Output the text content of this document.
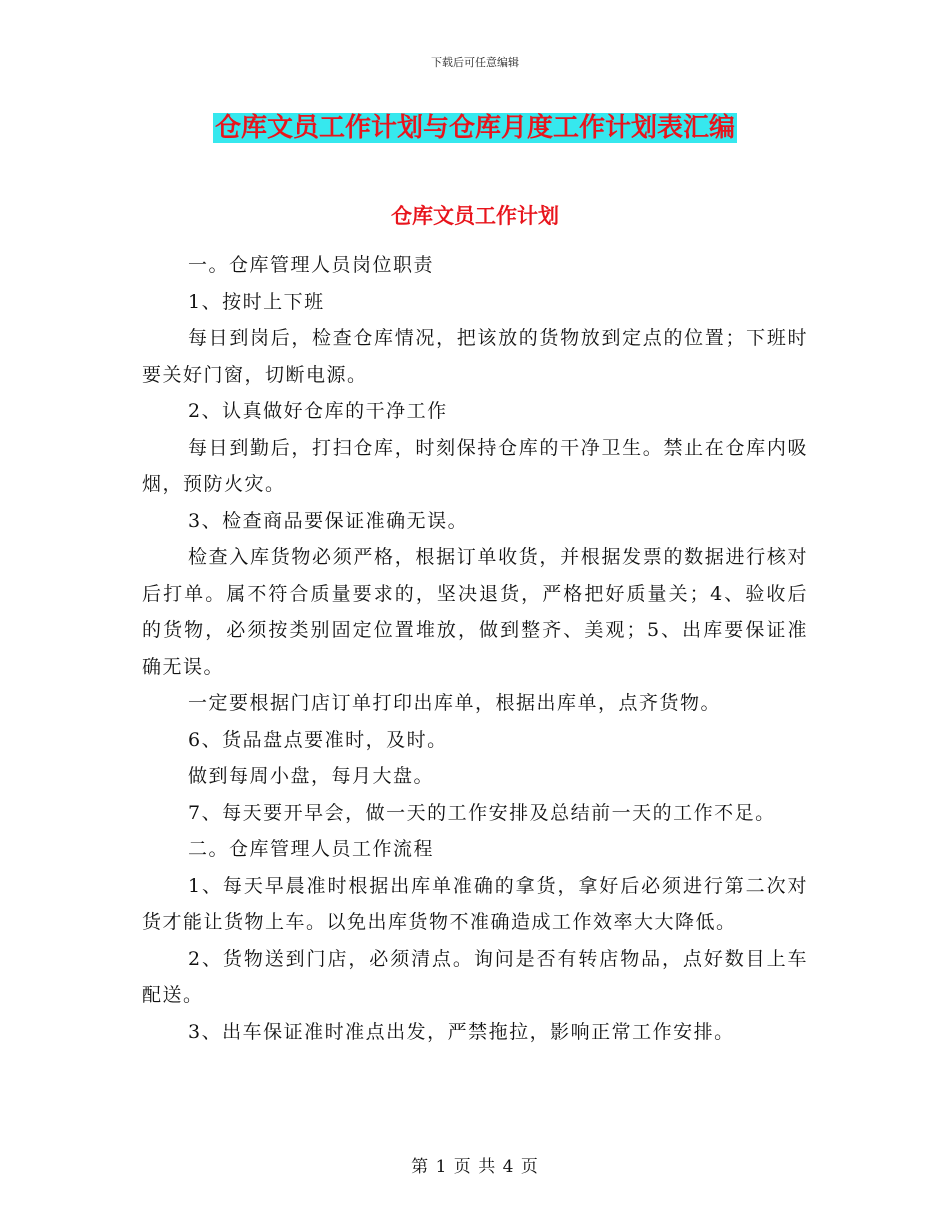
下载后可任意编辑
仓库文员工作计划与仓库月度工作计划表汇编
仓库文员工作计划

一。仓库管理人员岗位职责

1、按时上下班

每日到岗后，检查仓库情况，把该放的货物放到定点的位置；下班时要关好门窗，切断电源。

2、认真做好仓库的干净工作

每日到勤后，打扫仓库，时刻保持仓库的干净卫生。禁止在仓库内吸烟，预防火灾。

3、检查商品要保证准确无误。

检查入库货物必须严格，根据订单收货，并根据发票的数据进行核对后打单。属不符合质量要求的，坚决退货，严格把好质量关；4、验收后的货物，必须按类别固定位置堆放，做到整齐、美观；5、出库要保证准确无误。

一定要根据门店订单打印出库单，根据出库单，点齐货物。

6、货品盘点要准时，及时。

做到每周小盘，每月大盘。

7、每天要开早会，做一天的工作安排及总结前一天的工作不足。

二。仓库管理人员工作流程

1、每天早晨准时根据出库单准确的拿货，拿好后必须进行第二次对货才能让货物上车。以免出库货物不准确造成工作效率大大降低。

2、货物送到门店，必须清点。询问是否有转店物品，点好数目上车配送。

3、出车保证准时准点出发，严禁拖拉，影响正常工作安排。

第 1 页 共 4 页
